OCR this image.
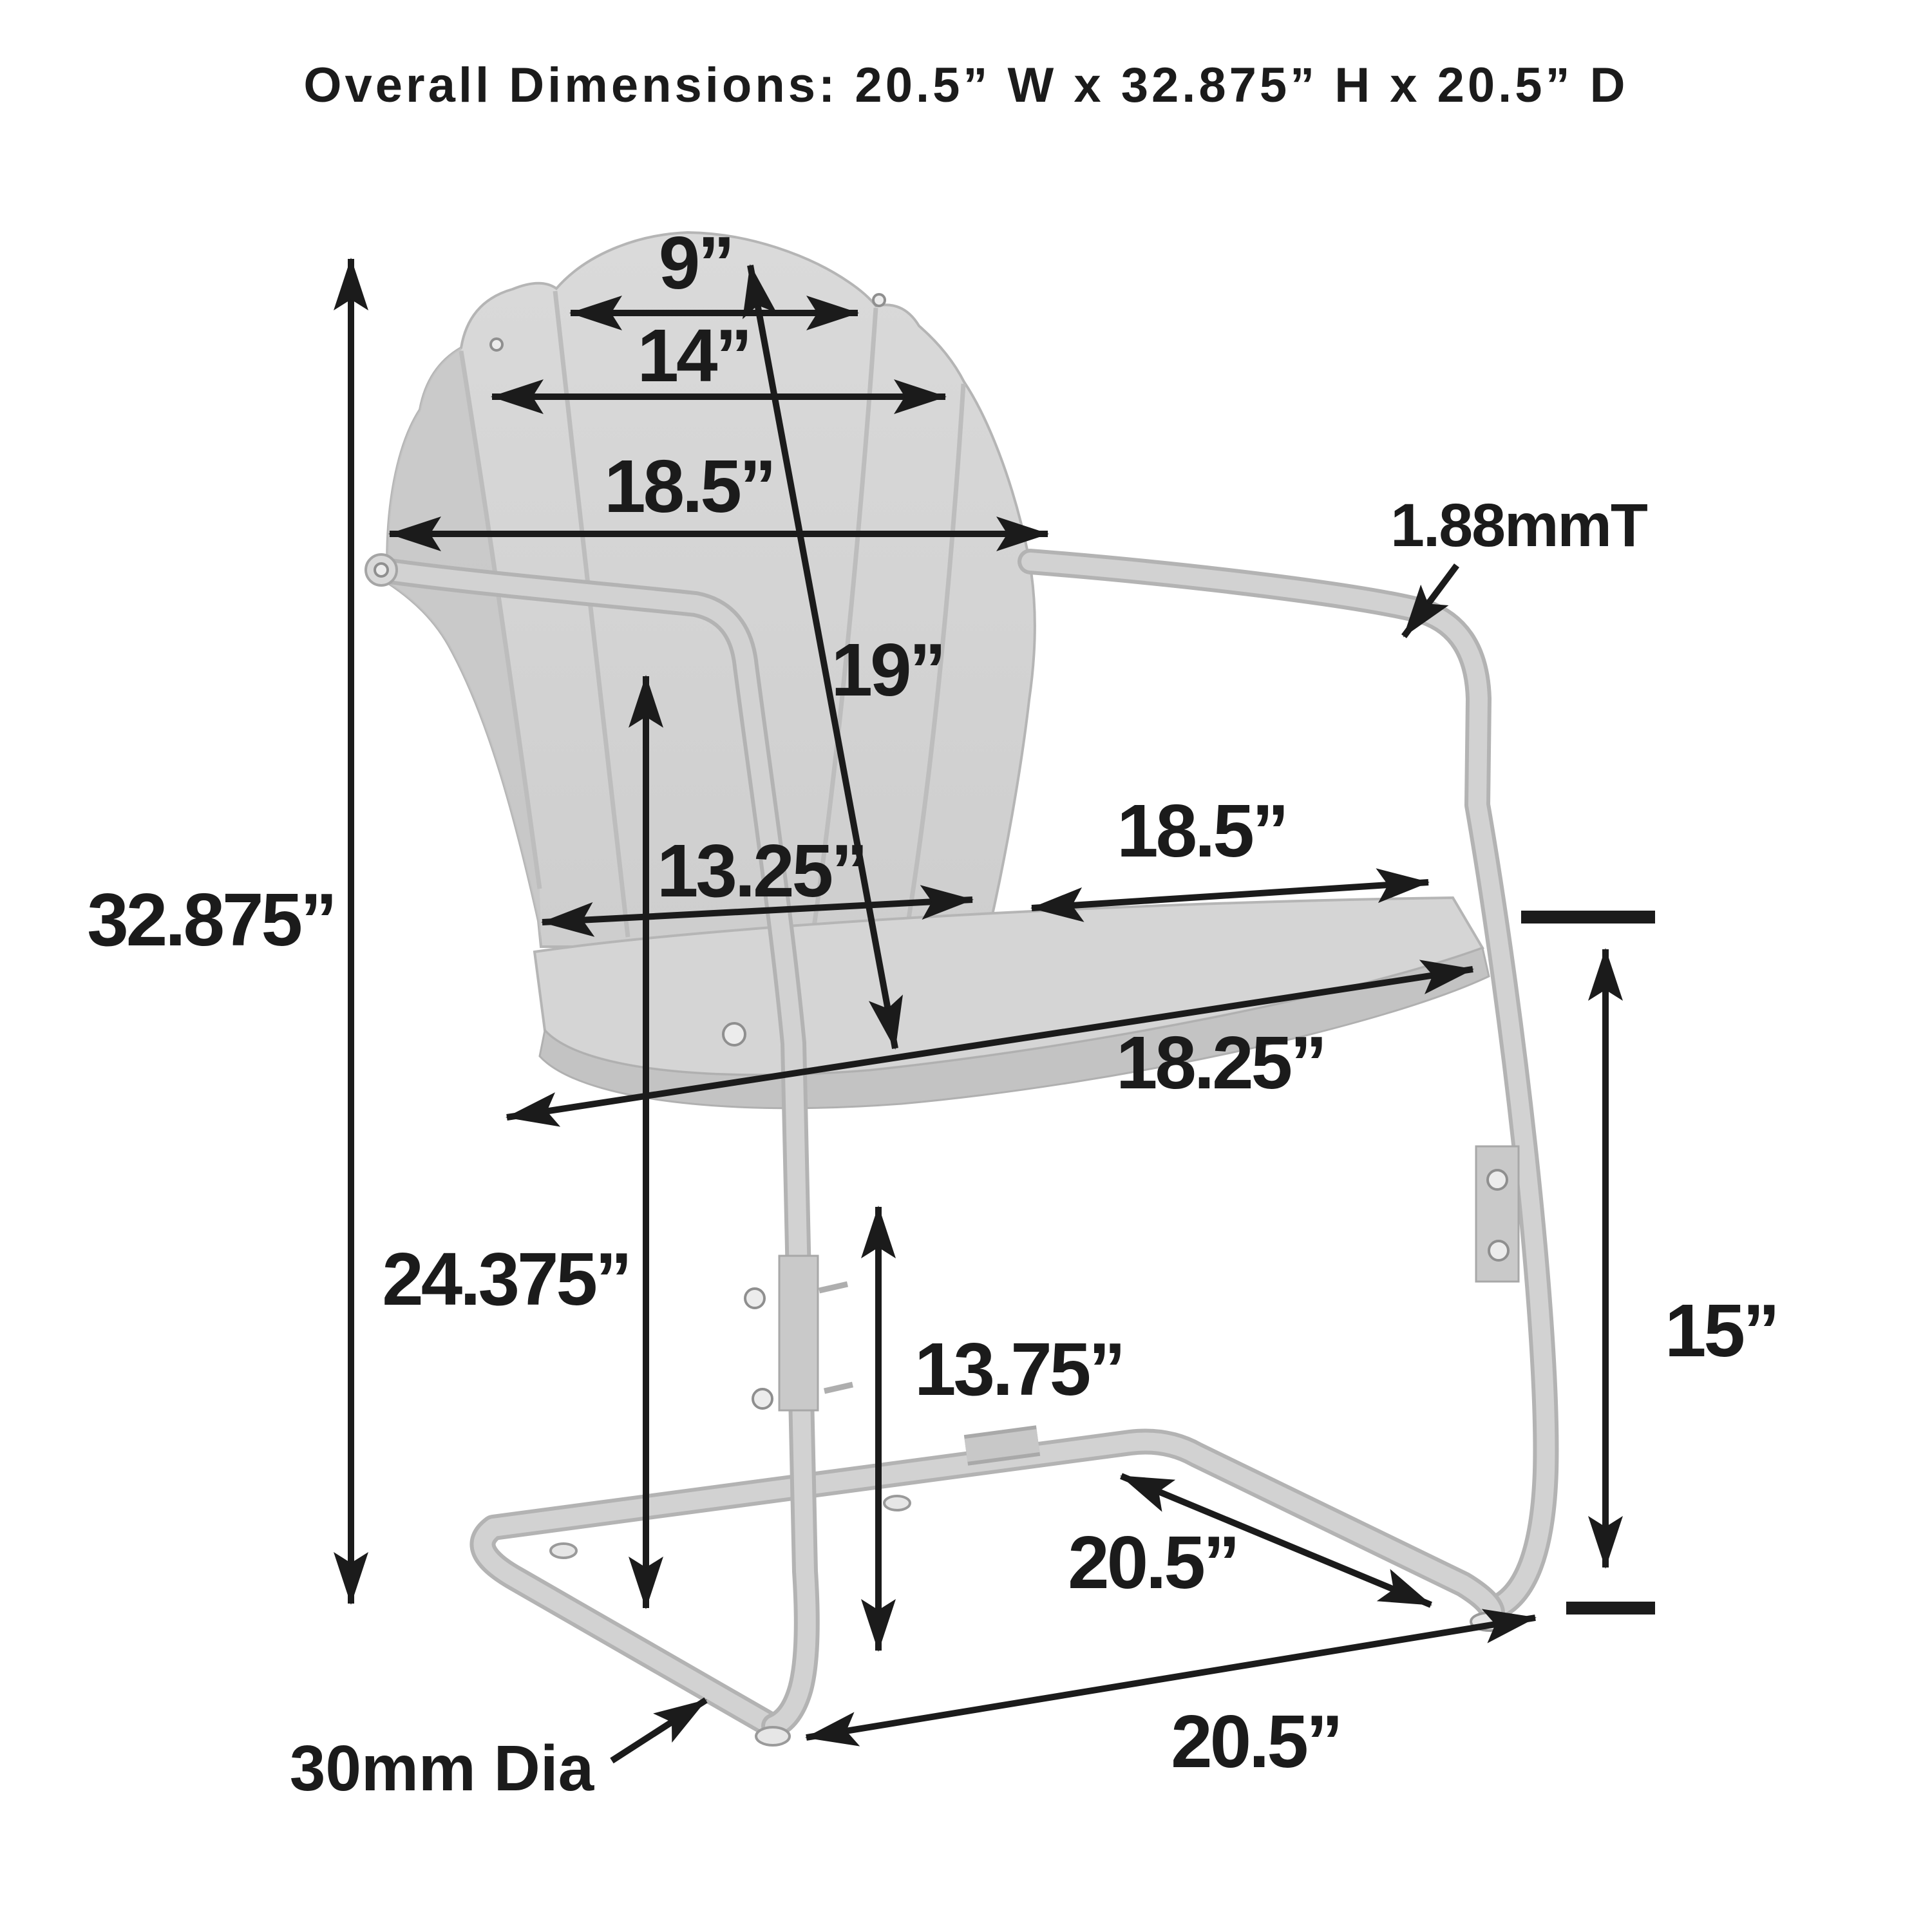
Overall Dimensions: 20.5” W x 32.875” H x 20.5” D
32.875”
9”
14”
18.5”
19”
1.88mmT
18.5”
13.25”
18.25”
24.375”
13.75”	15”
20.5”
20.5”
30mm Dia
